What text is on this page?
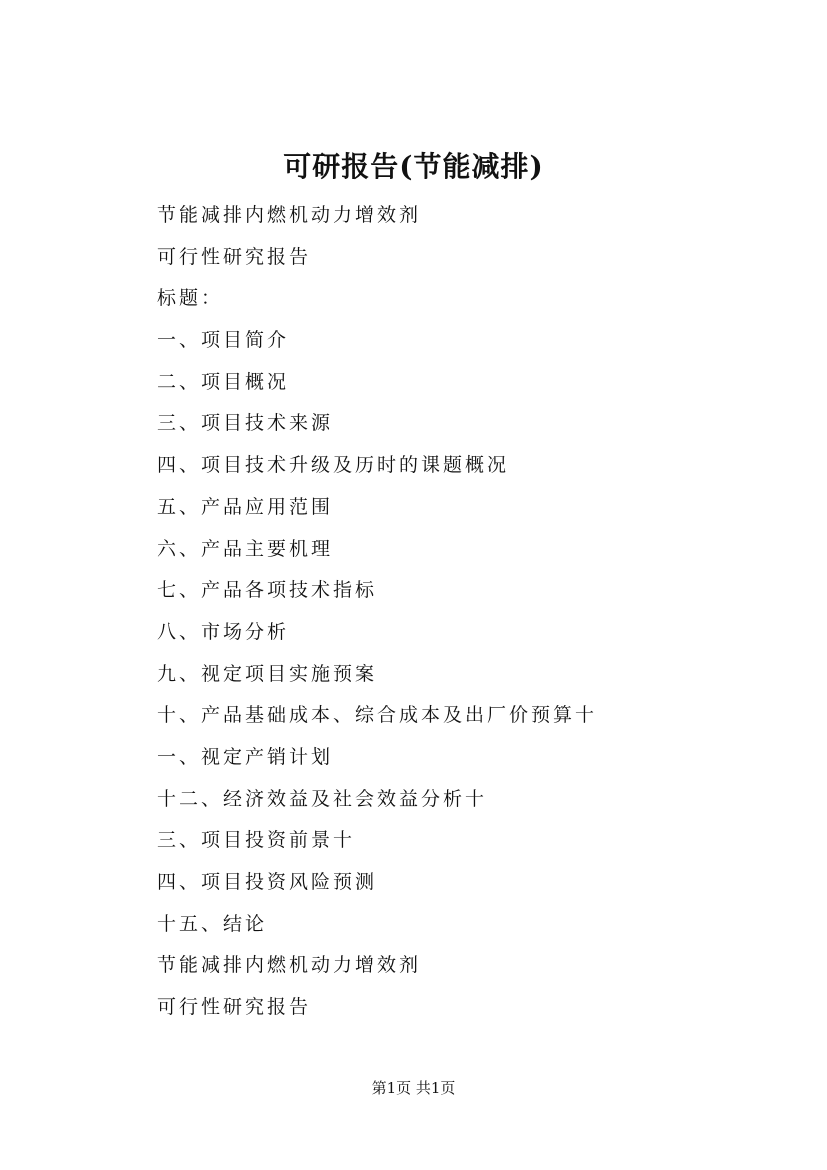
可研报告(节能减排)
节能减排内燃机动力增效剂
可行性研究报告
标题：
一、项目简介
二、项目概况
三、项目技术来源
四、项目技术升级及历时的课题概况
五、产品应用范围
六、产品主要机理
七、产品各项技术指标
八、市场分析
九、视定项目实施预案
十、产品基础成本、综合成本及出厂价预算十
一、视定产销计划
十二、经济效益及社会效益分析十
三、项目投资前景十
四、项目投资风险预测
十五、结论
节能减排内燃机动力增效剂
可行性研究报告
第1页 共1页
